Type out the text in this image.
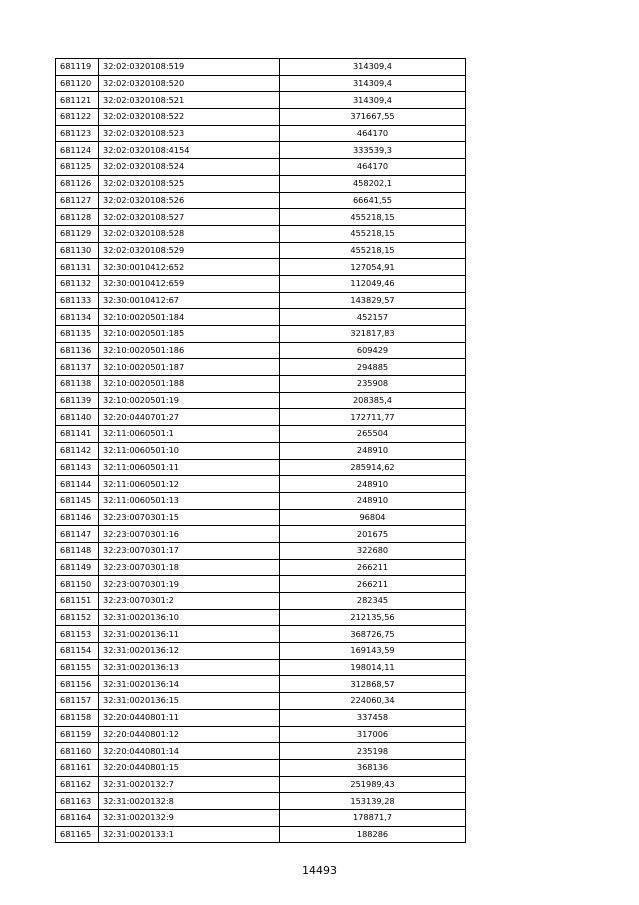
681119	32:02:0320108:519	314309,4
681120	32:02:0320108:520	314309,4
681121	32:02:0320108:521	314309,4
681122	32:02:0320108:522	371667,55
681123	32:02:0320108:523	464170
681124	32:02:0320108:4154	333539,3
681125	32:02:0320108:524	464170
681126	32:02:0320108:525	458202,1
681127	32:02:0320108:526	66641,55
681128	32:02:0320108:527	455218,15
681129	32:02:0320108:528	455218,15
681130	32:02:0320108:529	455218,15
681131	32:30:0010412:652	127054,91
681132	32:30:0010412:659	112049,46
681133	32:30:0010412:67	143829,57
681134	32:10:0020501:184	452157
681135	32:10:0020501:185	321817,83
681136	32:10:0020501:186	609429
681137	32:10:0020501:187	294885
681138	32:10:0020501:188	235908
681139	32:10:0020501:19	208385,4
681140	32:20:0440701:27	172711,77
681141	32:11:0060501:1	265504
681142	32:11:0060501:10	248910
681143	32:11:0060501:11	285914,62
681144	32:11:0060501:12	248910
681145	32:11:0060501:13	248910
681146	32:23:0070301:15	96804
681147	32:23:0070301:16	201675
681148	32:23:0070301:17	322680
681149	32:23:0070301:18	266211
681150	32:23:0070301:19	266211
681151	32:23:0070301:2	282345
681152	32:31:0020136:10	212135,56
681153	32:31:0020136:11	368726,75
681154	32:31:0020136:12	169143,59
681155	32:31:0020136:13	198014,11
681156	32:31:0020136:14	312868,57
681157	32:31:0020136:15	224060,34
681158	32:20:0440801:11	337458
681159	32:20:0440801:12	317006
681160	32:20:0440801:14	235198
681161	32:20:0440801:15	368136
681162	32:31:0020132:7	251989,43
681163	32:31:0020132:8	153139,28
681164	32:31:0020132:9	178871,7
681165	32:31:0020133:1	188286
14493
